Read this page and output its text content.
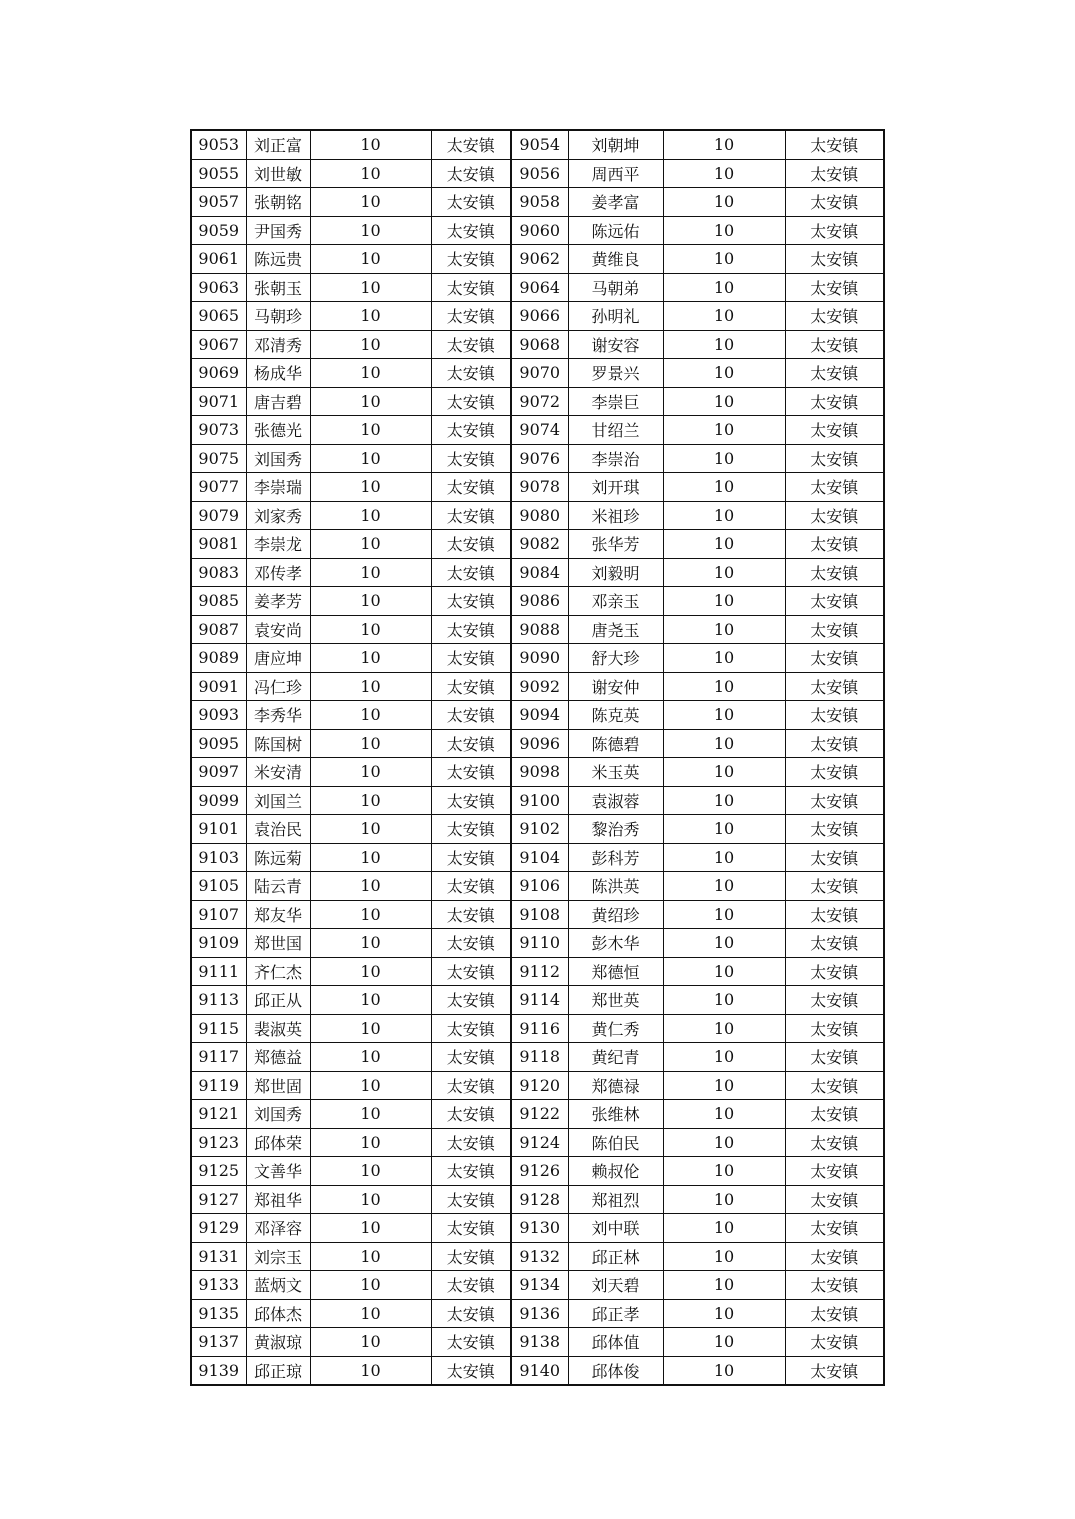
9053	刘正富	10	太安镇	9054	刘朝坤	10	太安镇
9055	刘世敏	10	太安镇	9056	周西平	10	太安镇
9057	张朝铭	10	太安镇	9058	姜孝富	10	太安镇
9059	尹国秀	10	太安镇	9060	陈远佑	10	太安镇
9061	陈远贵	10	太安镇	9062	黄维良	10	太安镇
9063	张朝玉	10	太安镇	9064	马朝弟	10	太安镇
9065	马朝珍	10	太安镇	9066	孙明礼	10	太安镇
9067	邓清秀	10	太安镇	9068	谢安容	10	太安镇
9069	杨成华	10	太安镇	9070	罗景兴	10	太安镇
9071	唐吉碧	10	太安镇	9072	李崇巨	10	太安镇
9073	张德光	10	太安镇	9074	甘绍兰	10	太安镇
9075	刘国秀	10	太安镇	9076	李崇治	10	太安镇
9077	李崇瑞	10	太安镇	9078	刘开琪	10	太安镇
9079	刘家秀	10	太安镇	9080	米祖珍	10	太安镇
9081	李崇龙	10	太安镇	9082	张华芳	10	太安镇
9083	邓传孝	10	太安镇	9084	刘毅明	10	太安镇
9085	姜孝芳	10	太安镇	9086	邓亲玉	10	太安镇
9087	袁安尚	10	太安镇	9088	唐尧玉	10	太安镇
9089	唐应坤	10	太安镇	9090	舒大珍	10	太安镇
9091	冯仁珍	10	太安镇	9092	谢安仲	10	太安镇
9093	李秀华	10	太安镇	9094	陈克英	10	太安镇
9095	陈国树	10	太安镇	9096	陈德碧	10	太安镇
9097	米安清	10	太安镇	9098	米玉英	10	太安镇
9099	刘国兰	10	太安镇	9100	袁淑蓉	10	太安镇
9101	袁治民	10	太安镇	9102	黎治秀	10	太安镇
9103	陈远菊	10	太安镇	9104	彭科芳	10	太安镇
9105	陆云青	10	太安镇	9106	陈洪英	10	太安镇
9107	郑友华	10	太安镇	9108	黄绍珍	10	太安镇
9109	郑世国	10	太安镇	9110	彭木华	10	太安镇
9111	齐仁杰	10	太安镇	9112	郑德恒	10	太安镇
9113	邱正从	10	太安镇	9114	郑世英	10	太安镇
9115	裴淑英	10	太安镇	9116	黄仁秀	10	太安镇
9117	郑德益	10	太安镇	9118	黄纪青	10	太安镇
9119	郑世固	10	太安镇	9120	郑德禄	10	太安镇
9121	刘国秀	10	太安镇	9122	张维林	10	太安镇
9123	邱体荣	10	太安镇	9124	陈伯民	10	太安镇
9125	文善华	10	太安镇	9126	赖叔伦	10	太安镇
9127	郑祖华	10	太安镇	9128	郑祖烈	10	太安镇
9129	邓泽容	10	太安镇	9130	刘中联	10	太安镇
9131	刘宗玉	10	太安镇	9132	邱正林	10	太安镇
9133	蓝炳文	10	太安镇	9134	刘天碧	10	太安镇
9135	邱体杰	10	太安镇	9136	邱正孝	10	太安镇
9137	黄淑琼	10	太安镇	9138	邱体值	10	太安镇
9139	邱正琼	10	太安镇	9140	邱体俊	10	太安镇
